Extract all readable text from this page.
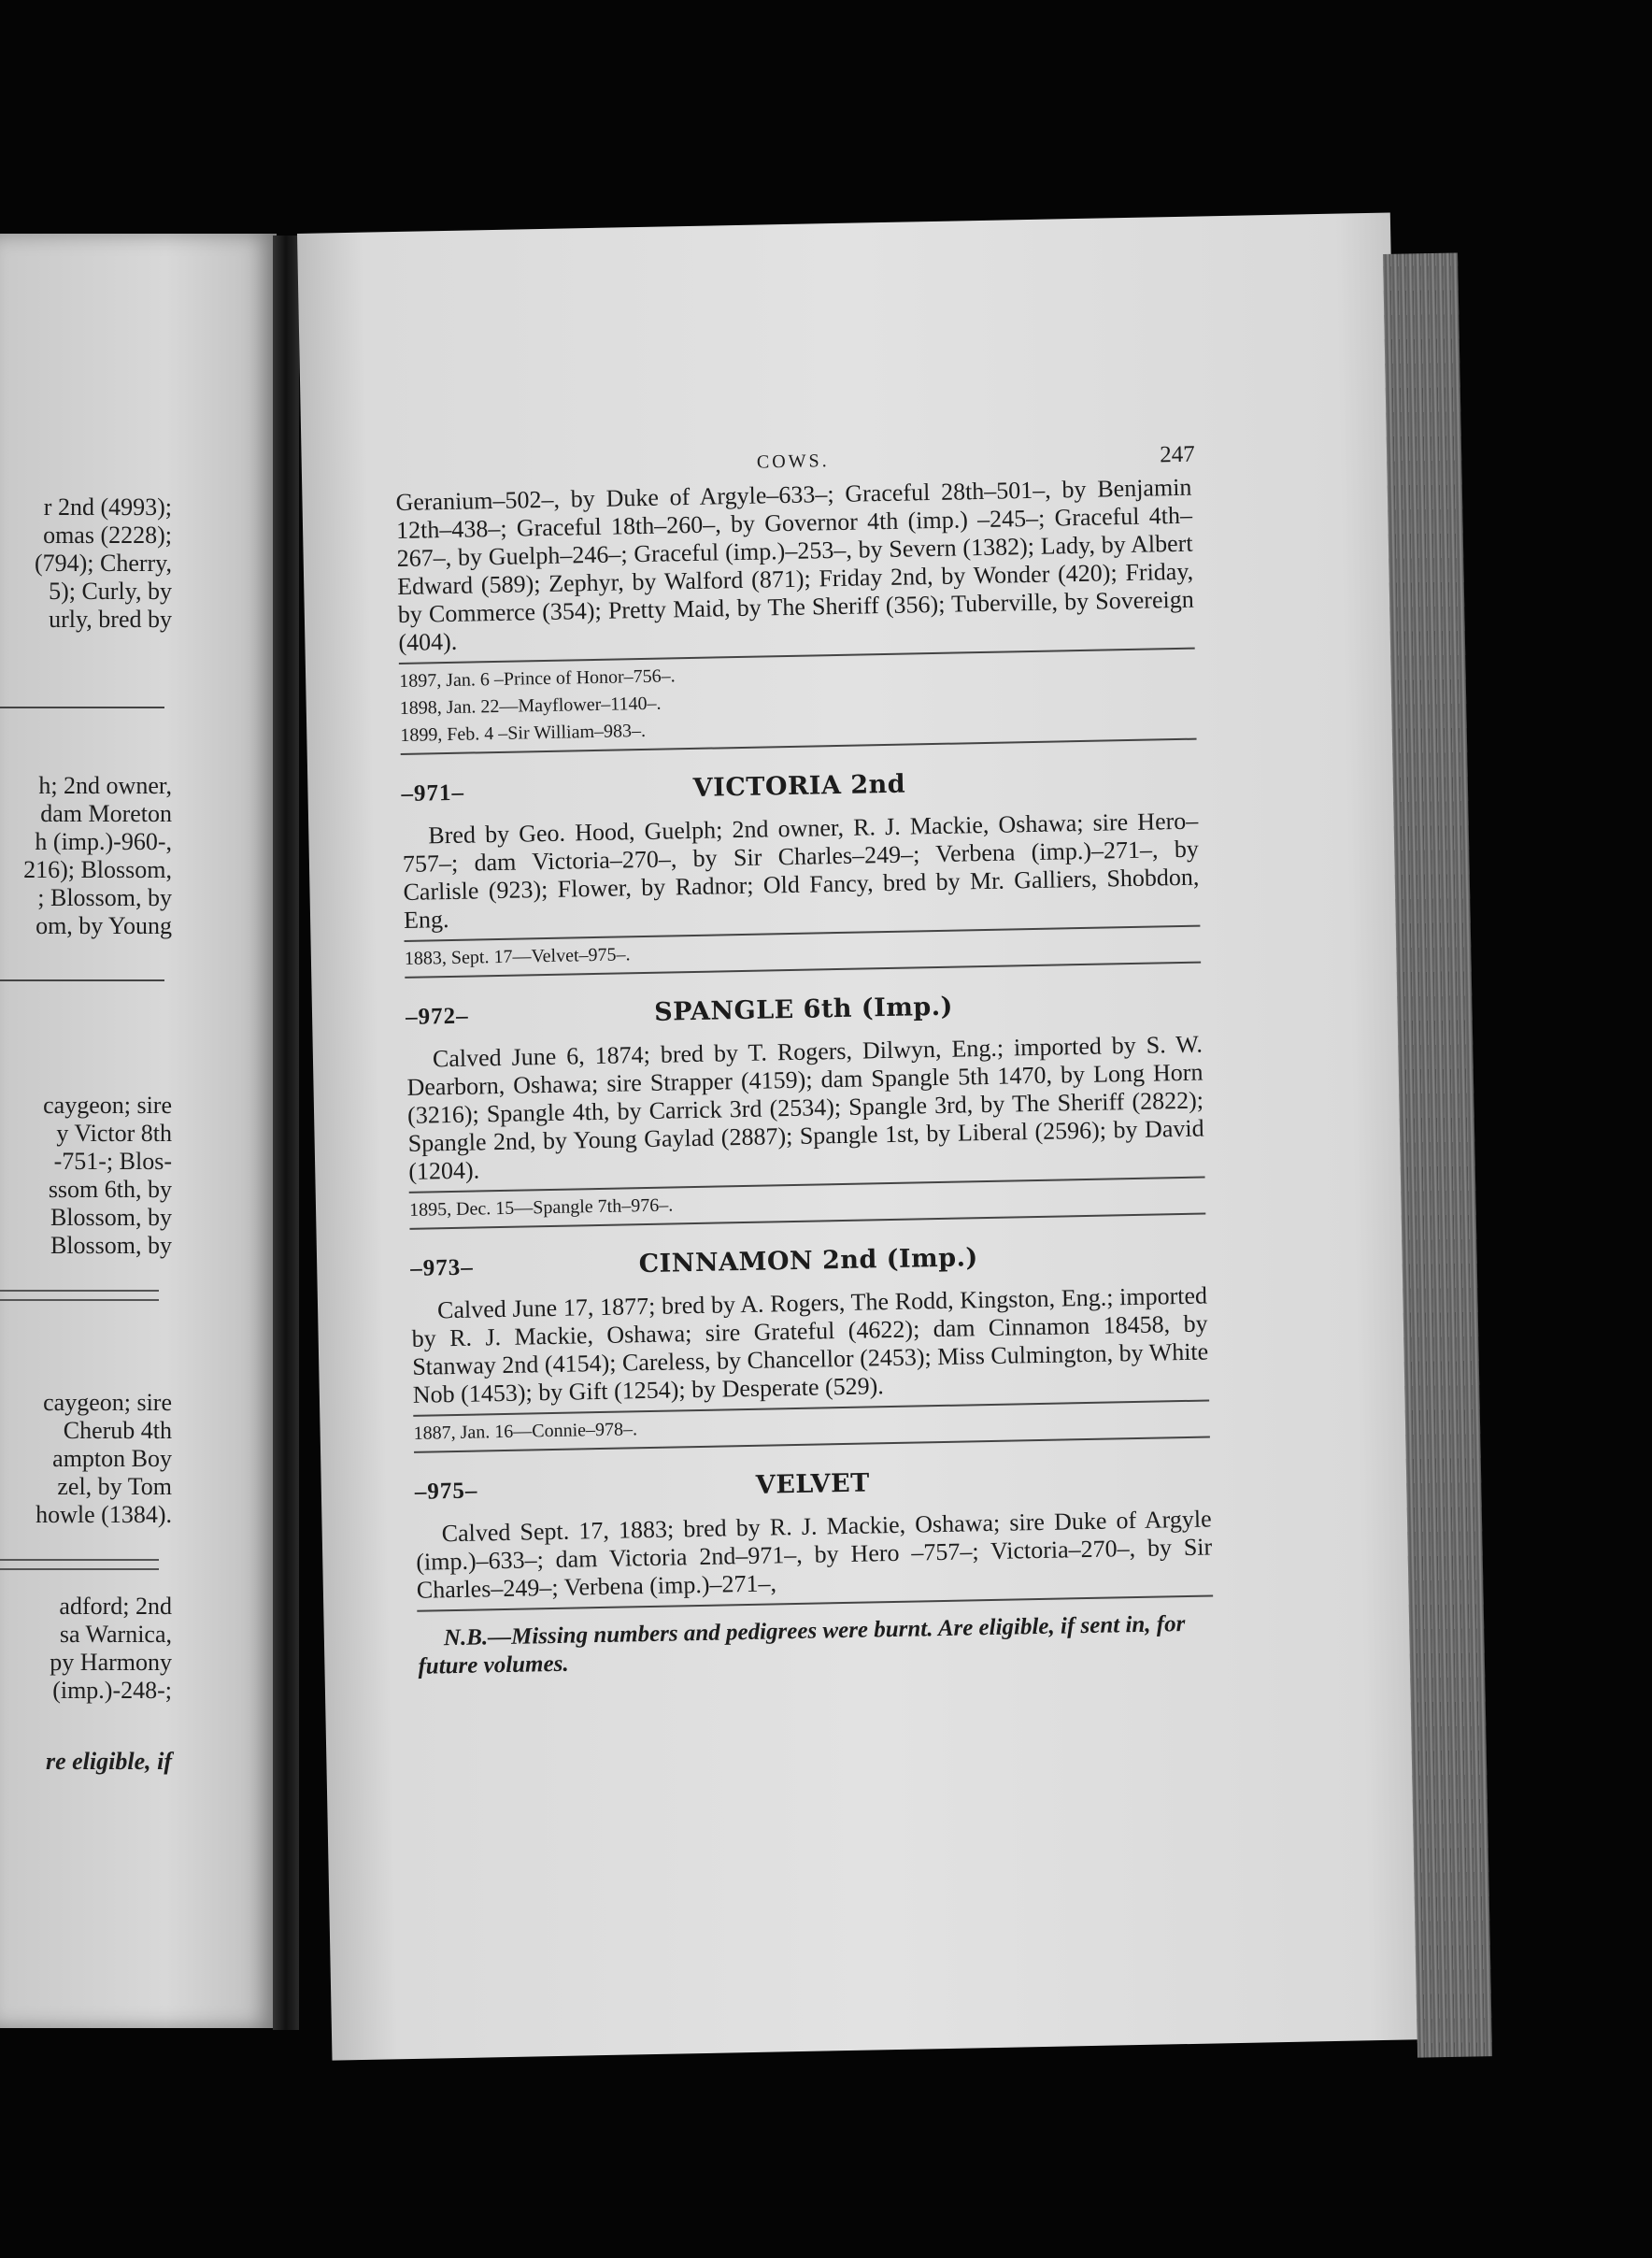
r 2nd (4993);
omas (2228);
(794); Cherry,
5); Curly, by
urly, bred by
h; 2nd owner,
dam Moreton
h (imp.)-960-,
216); Blossom,
; Blossom, by
om, by Young
caygeon; sire
y Victor 8th
-751-; Blos-
ssom 6th, by
Blossom, by
Blossom, by
caygeon; sire
Cherub 4th
ampton Boy
zel, by Tom
howle (1384).
adford; 2nd
sa Warnica,
py Harmony
(imp.)-248-;
re eligible, if
COWS.	247

Geranium–502–, by Duke of Argyle–633–; Graceful 28th–501–, by Benjamin 12th–438–; Graceful 18th–260–, by Governor 4th (imp.) –245–; Graceful 4th–267–, by Guelph–246–; Graceful (imp.)–253–, by Severn (1382); Lady, by Albert Edward (589); Zephyr, by Walford (871); Friday 2nd, by Wonder (420); Friday, by Commerce (354); Pretty Maid, by The Sheriff (356); Tuberville, by Sovereign (404).

1897, Jan. 6 –Prince of Honor–756–.
1898, Jan. 22—Mayflower–1140–.
1899, Feb. 4 –Sir William–983–.
–971–	VICTORIA 2nd

Bred by Geo. Hood, Guelph; 2nd owner, R. J. Mackie, Oshawa; sire Hero–757–; dam Victoria–270–, by Sir Charles–249–; Verbena (imp.)–271–, by Carlisle (923); Flower, by Radnor; Old Fancy, bred by Mr. Galliers, Shobdon, Eng.

1883, Sept. 17—Velvet–975–.
–972–	SPANGLE 6th (Imp.)

Calved June 6, 1874; bred by T. Rogers, Dilwyn, Eng.; imported by S. W. Dearborn, Oshawa; sire Strapper (4159); dam Spangle 5th 1470, by Long Horn (3216); Spangle 4th, by Carrick 3rd (2534); Spangle 3rd, by The Sheriff (2822); Spangle 2nd, by Young Gaylad (2887); Spangle 1st, by Liberal (2596); by David (1204).

1895, Dec. 15—Spangle 7th–976–.
–973–	CINNAMON 2nd (Imp.)

Calved June 17, 1877; bred by A. Rogers, The Rodd, Kingston, Eng.; imported by R. J. Mackie, Oshawa; sire Grateful (4622); dam Cinnamon 18458, by Stanway 2nd (4154); Careless, by Chancellor (2453); Miss Culmington, by White Nob (1453); by Gift (1254); by Desperate (529).

1887, Jan. 16—Connie–978–.
–975–	VELVET

Calved Sept. 17, 1883; bred by R. J. Mackie, Oshawa; sire Duke of Argyle (imp.)–633–; dam Victoria 2nd–971–, by Hero –757–; Victoria–270–, by Sir Charles–249–; Verbena (imp.)–271–,

N.B.—Missing numbers and pedigrees were burnt. Are eligible, if sent in, for future volumes.
